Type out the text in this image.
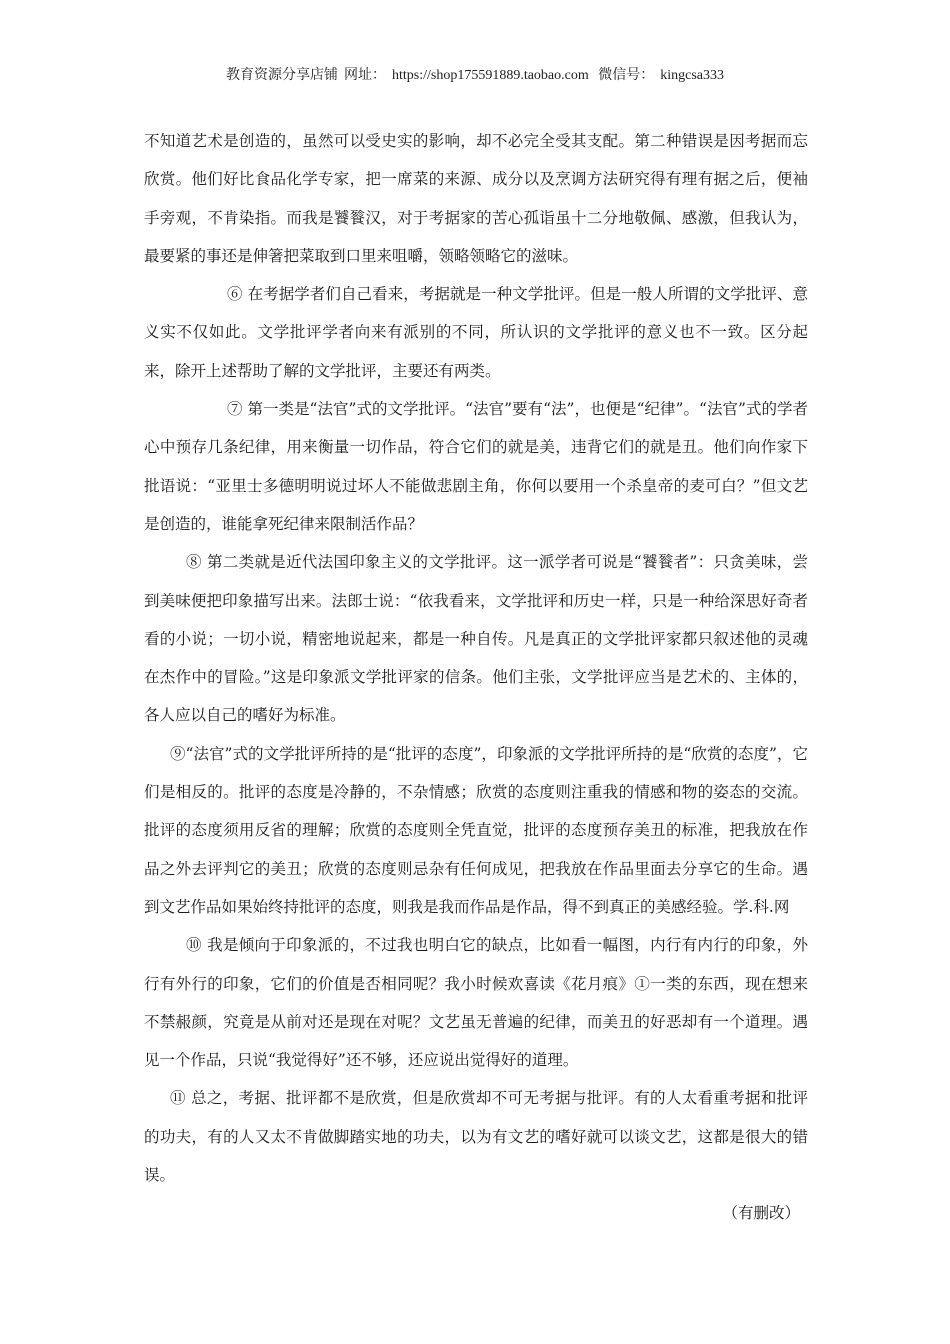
教育资源分享店铺 网址： https://shop175591889.taobao.com 微信号： kingcsa333

不知道艺术是创造的，虽然可以受史实的影响，却不必完全受其支配。第二种错误是因考据而忘欣赏。他们好比食品化学专家，把一席菜的来源、成分以及烹调方法研究得有理有据之后，便袖手旁观，不肯染指。而我是饕餮汉，对于考据家的苦心孤诣虽十二分地敬佩、感激，但我认为，最要紧的事还是伸箸把菜取到口里来咀嚼，领略领略它的滋味。

⑥ 在考据学者们自己看来，考据就是一种文学批评。但是一般人所谓的文学批评、意义实不仅如此。文学批评学者向来有派别的不同，所认识的文学批评的意义也不一致。区分起来，除开上述帮助了解的文学批评，主要还有两类。

⑦ 第一类是“法官”式的文学批评。“法官”要有“法”，也便是“纪律”。“法官”式的学者心中预存几条纪律，用来衡量一切作品，符合它们的就是美，违背它们的就是丑。他们向作家下批语说：“亚里士多德明明说过坏人不能做悲剧主角，你何以要用一个杀皇帝的麦可白？”但文艺是创造的，谁能拿死纪律来限制活作品？

⑧ 第二类就是近代法国印象主义的文学批评。这一派学者可说是“饕餮者”：只贪美味，尝到美味便把印象描写出来。法郎士说：“依我看来，文学批评和历史一样，只是一种给深思好奇者看的小说；一切小说，精密地说起来，都是一种自传。凡是真正的文学批评家都只叙述他的灵魂在杰作中的冒险。”这是印象派文学批评家的信条。他们主张，文学批评应当是艺术的、主体的，各人应以自己的嗜好为标准。

⑨“法官”式的文学批评所持的是“批评的态度”，印象派的文学批评所持的是“欣赏的态度”，它们是相反的。批评的态度是冷静的，不杂情感；欣赏的态度则注重我的情感和物的姿态的交流。批评的态度须用反省的理解；欣赏的态度则全凭直觉，批评的态度预存美丑的标准，把我放在作品之外去评判它的美丑；欣赏的态度则忌杂有任何成见，把我放在作品里面去分享它的生命。遇到文艺作品如果始终持批评的态度，则我是我而作品是作品，得不到真正的美感经验。学.科.网

⑩ 我是倾向于印象派的，不过我也明白它的缺点，比如看一幅图，内行有内行的印象，外行有外行的印象，它们的价值是否相同呢？我小时候欢喜读《花月痕》①一类的东西，现在想来不禁赧颜，究竟是从前对还是现在对呢？文艺虽无普遍的纪律，而美丑的好恶却有一个道理。遇见一个作品，只说“我觉得好”还不够，还应说出觉得好的道理。

⑪ 总之，考据、批评都不是欣赏，但是欣赏却不可无考据与批评。有的人太看重考据和批评的功夫，有的人又太不肯做脚踏实地的功夫，以为有文艺的嗜好就可以谈文艺，这都是很大的错误。

（有删改）
